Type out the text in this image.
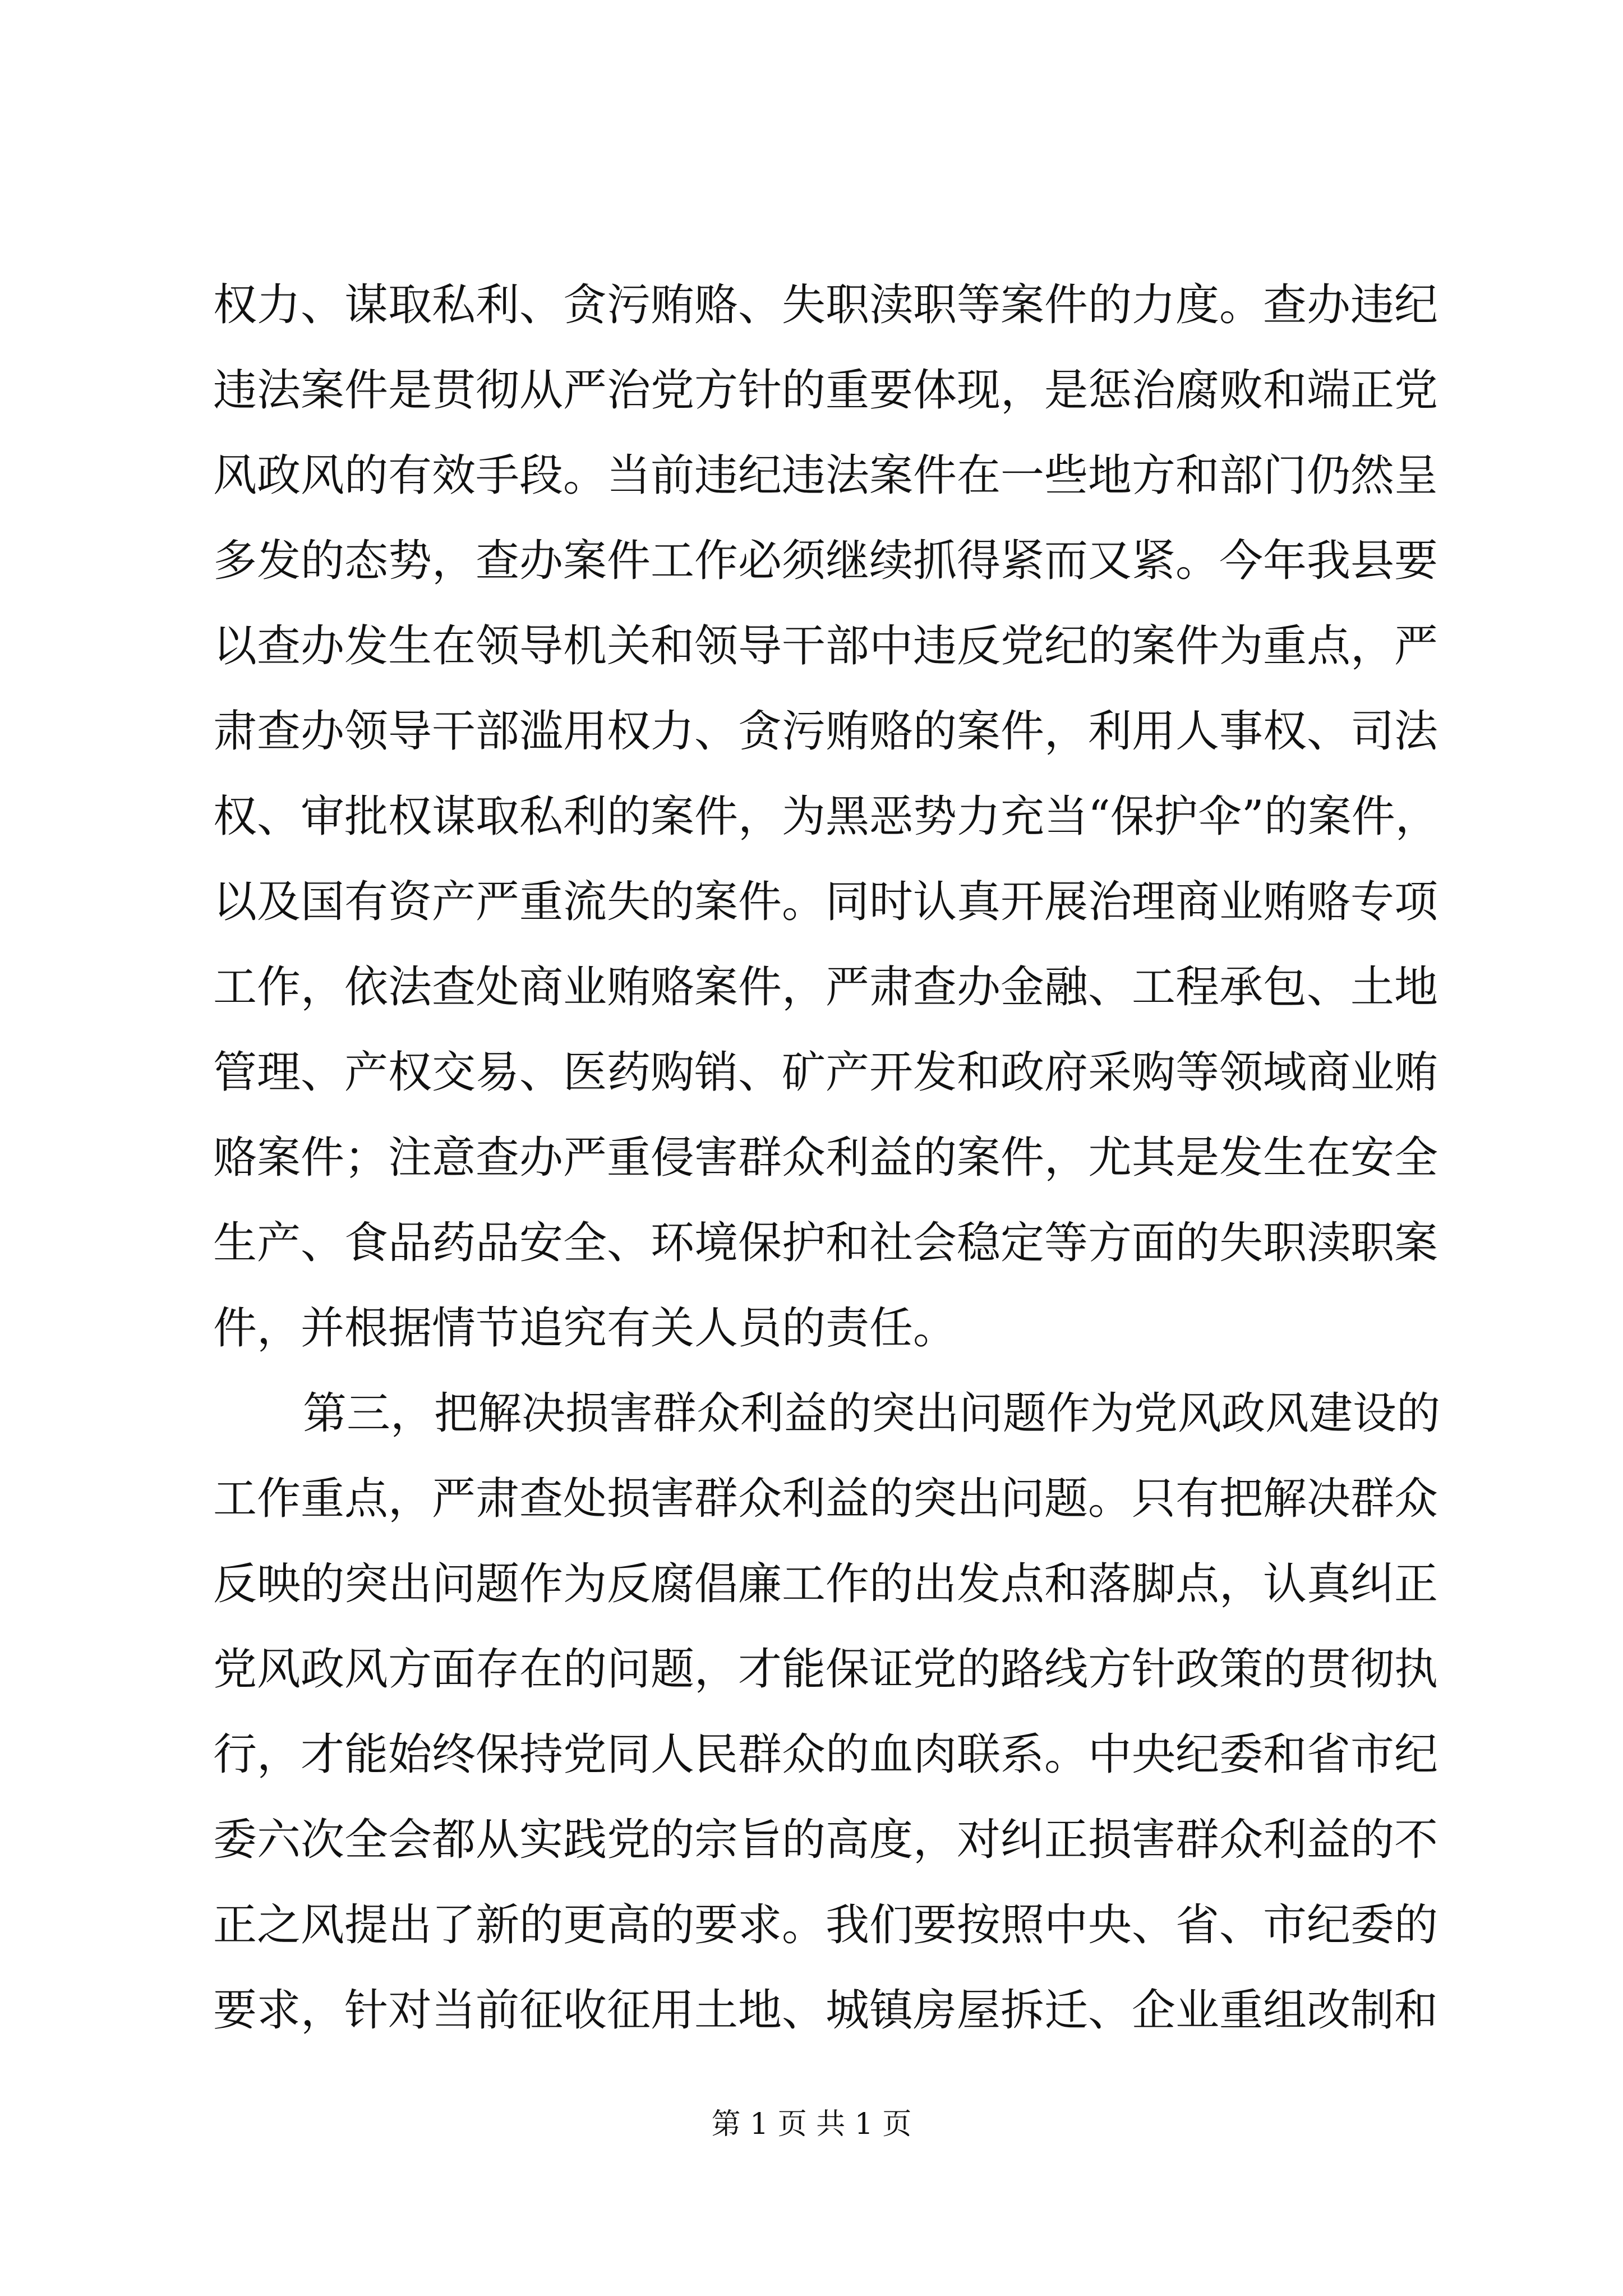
权力、谋取私利、贪污贿赂、失职渎职等案件的力度。查办违纪
违法案件是贯彻从严治党方针的重要体现，是惩治腐败和端正党
风政风的有效手段。当前违纪违法案件在一些地方和部门仍然呈
多发的态势，查办案件工作必须继续抓得紧而又紧。今年我县要
以查办发生在领导机关和领导干部中违反党纪的案件为重点，严
肃查办领导干部滥用权力、贪污贿赂的案件，利用人事权、司法
权、审批权谋取私利的案件，为黑恶势力充当“保护伞”的案件，
以及国有资产严重流失的案件。同时认真开展治理商业贿赂专项
工作，依法查处商业贿赂案件，严肃查办金融、工程承包、土地
管理、产权交易、医药购销、矿产开发和政府采购等领域商业贿
赂案件；注意查办严重侵害群众利益的案件，尤其是发生在安全
生产、食品药品安全、环境保护和社会稳定等方面的失职渎职案
件，并根据情节追究有关人员的责任。
第三，把解决损害群众利益的突出问题作为党风政风建设的
工作重点，严肃查处损害群众利益的突出问题。只有把解决群众
反映的突出问题作为反腐倡廉工作的出发点和落脚点，认真纠正
党风政风方面存在的问题，才能保证党的路线方针政策的贯彻执
行，才能始终保持党同人民群众的血肉联系。中央纪委和省市纪
委六次全会都从实践党的宗旨的高度，对纠正损害群众利益的不
正之风提出了新的更高的要求。我们要按照中央、省、市纪委的
要求，针对当前征收征用土地、城镇房屋拆迁、企业重组改制和
第 1 页 共 1 页
